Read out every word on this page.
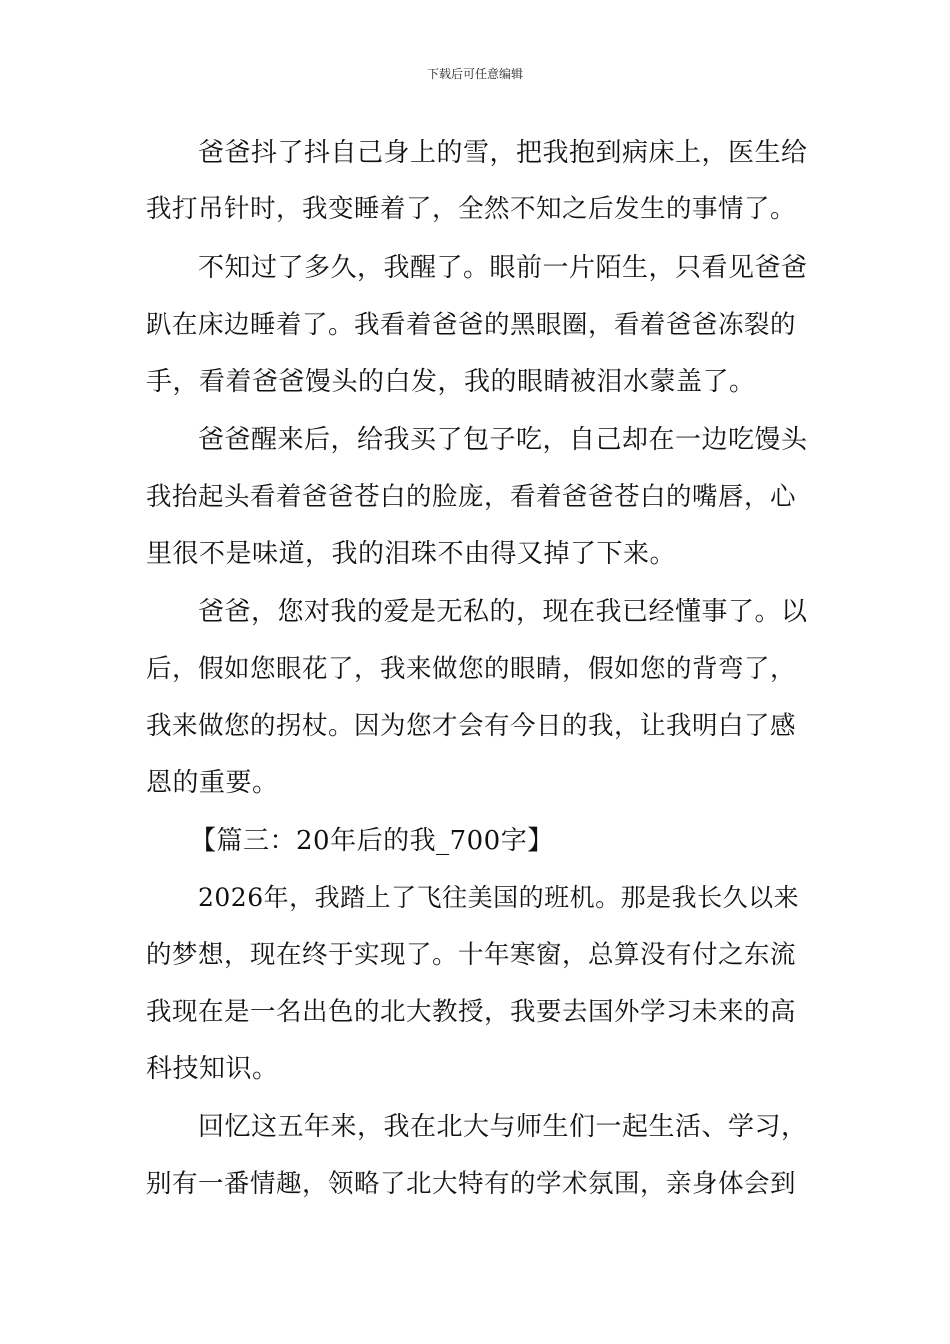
下载后可任意编辑
爸爸抖了抖自己身上的雪，把我抱到病床上，医生给
我打吊针时，我变睡着了，全然不知之后发生的事情了。
不知过了多久，我醒了。眼前一片陌生，只看见爸爸
趴在床边睡着了。我看着爸爸的黑眼圈，看着爸爸冻裂的
手，看着爸爸馒头的白发，我的眼睛被泪水蒙盖了。
爸爸醒来后，给我买了包子吃，自己却在一边吃馒头
我抬起头看着爸爸苍白的脸庞，看着爸爸苍白的嘴唇，心
里很不是味道，我的泪珠不由得又掉了下来。
爸爸，您对我的爱是无私的，现在我已经懂事了。以
后，假如您眼花了，我来做您的眼睛，假如您的背弯了，
我来做您的拐杖。因为您才会有今日的我，让我明白了感
恩的重要。
【篇三：20年后的我_700字】
2026年，我踏上了飞往美国的班机。那是我长久以来
的梦想，现在终于实现了。十年寒窗，总算没有付之东流
我现在是一名出色的北大教授，我要去国外学习未来的高
科技知识。
回忆这五年来，我在北大与师生们一起生活、学习，
别有一番情趣，领略了北大特有的学术氛围，亲身体会到
